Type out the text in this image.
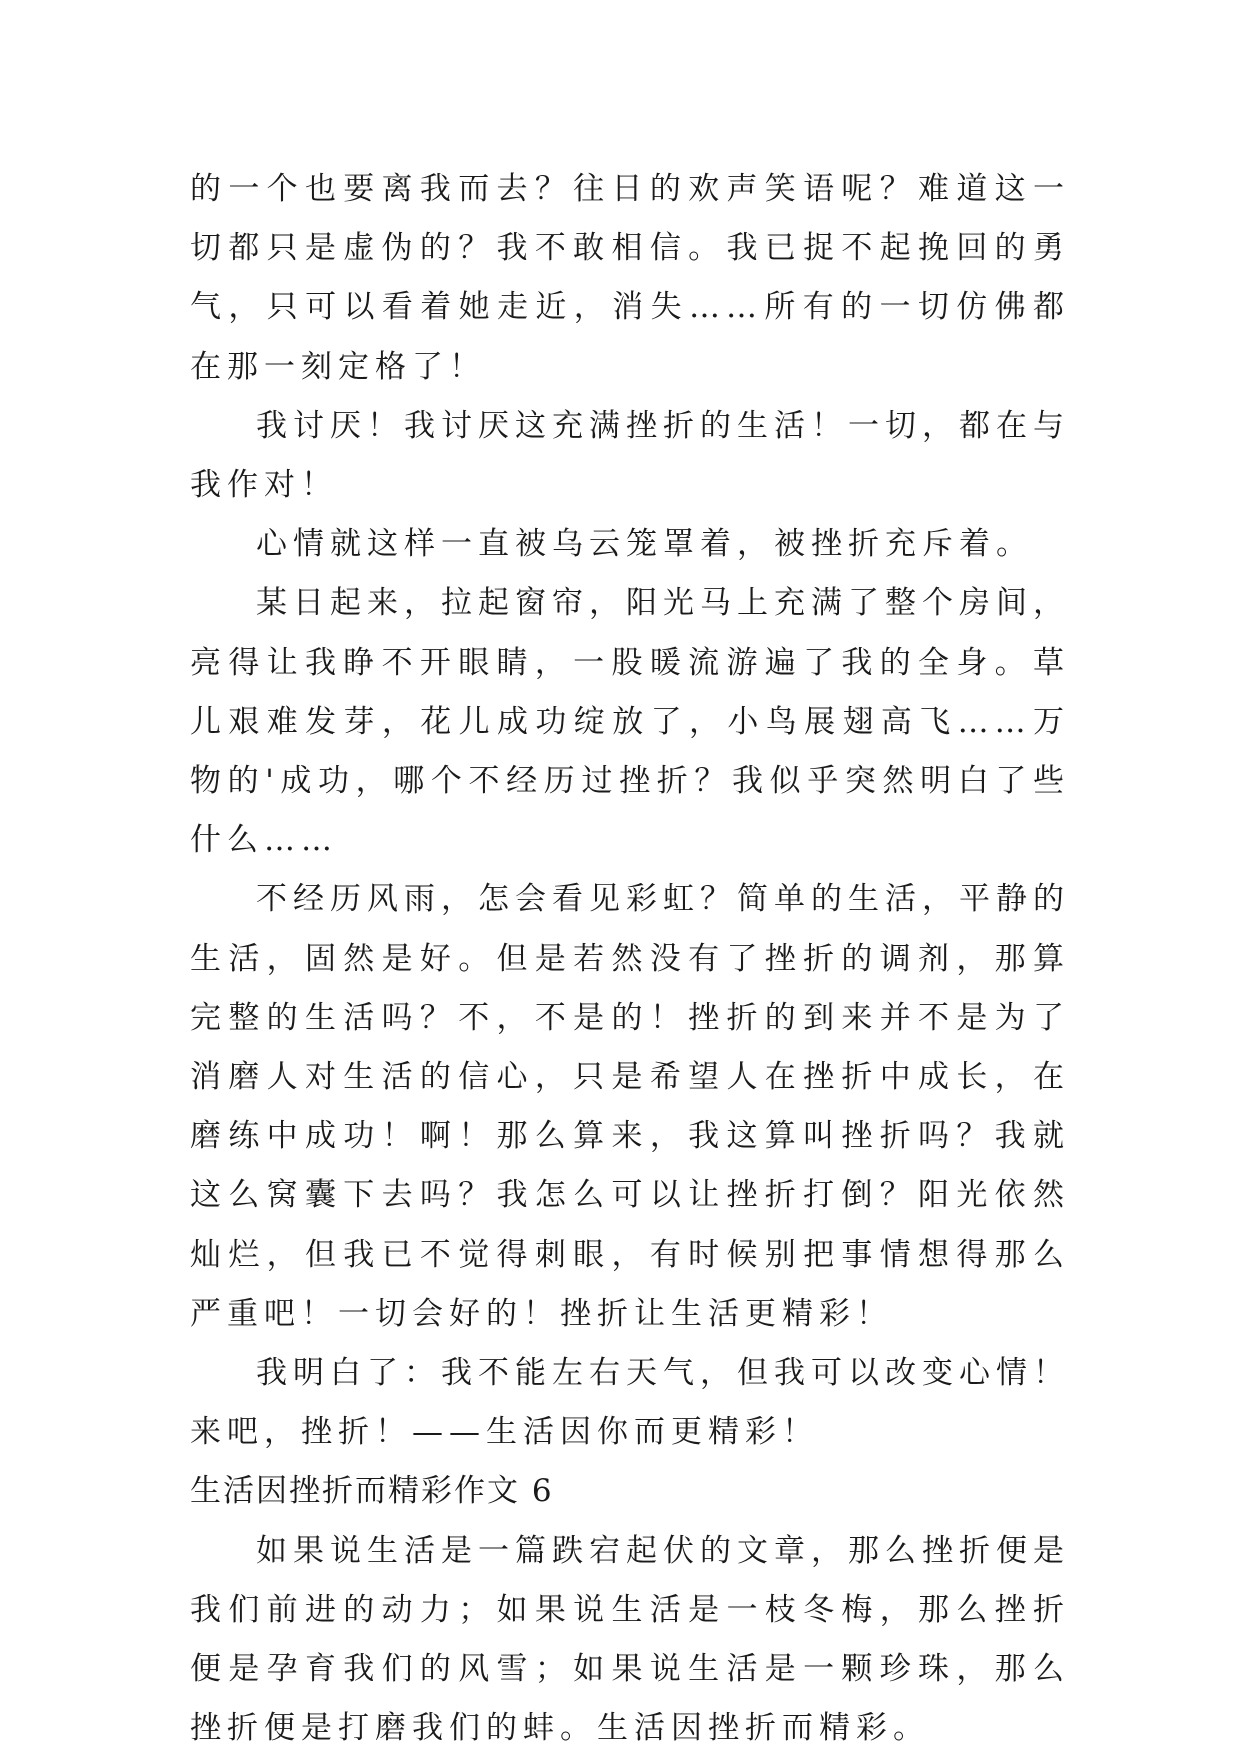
的一个也要离我而去？往日的欢声笑语呢？难道这一切都只是虚伪的？我不敢相信。我已捉不起挽回的勇气，只可以看着她走近，消失……所有的一切仿佛都在那一刻定格了！

我讨厌！我讨厌这充满挫折的生活！一切，都在与我作对！

心情就这样一直被乌云笼罩着，被挫折充斥着。

某日起来，拉起窗帘，阳光马上充满了整个房间，亮得让我睁不开眼睛，一股暖流游遍了我的全身。草儿艰难发芽，花儿成功绽放了，小鸟展翅高飞……万物的'成功，哪个不经历过挫折？我似乎突然明白了些什么……

不经历风雨，怎会看见彩虹？简单的生活，平静的生活，固然是好。但是若然没有了挫折的调剂，那算完整的生活吗？不，不是的！挫折的到来并不是为了消磨人对生活的信心，只是希望人在挫折中成长，在磨练中成功！啊！那么算来，我这算叫挫折吗？我就这么窝囊下去吗？我怎么可以让挫折打倒？阳光依然灿烂，但我已不觉得刺眼，有时候别把事情想得那么严重吧！一切会好的！挫折让生活更精彩！

我明白了：我不能左右天气，但我可以改变心情！来吧，挫折！——生活因你而更精彩！

生活因挫折而精彩作文 6

如果说生活是一篇跌宕起伏的文章，那么挫折便是我们前进的动力；如果说生活是一枝冬梅，那么挫折便是孕育我们的风雪；如果说生活是一颗珍珠，那么挫折便是打磨我们的蚌。生活因挫折而精彩。
